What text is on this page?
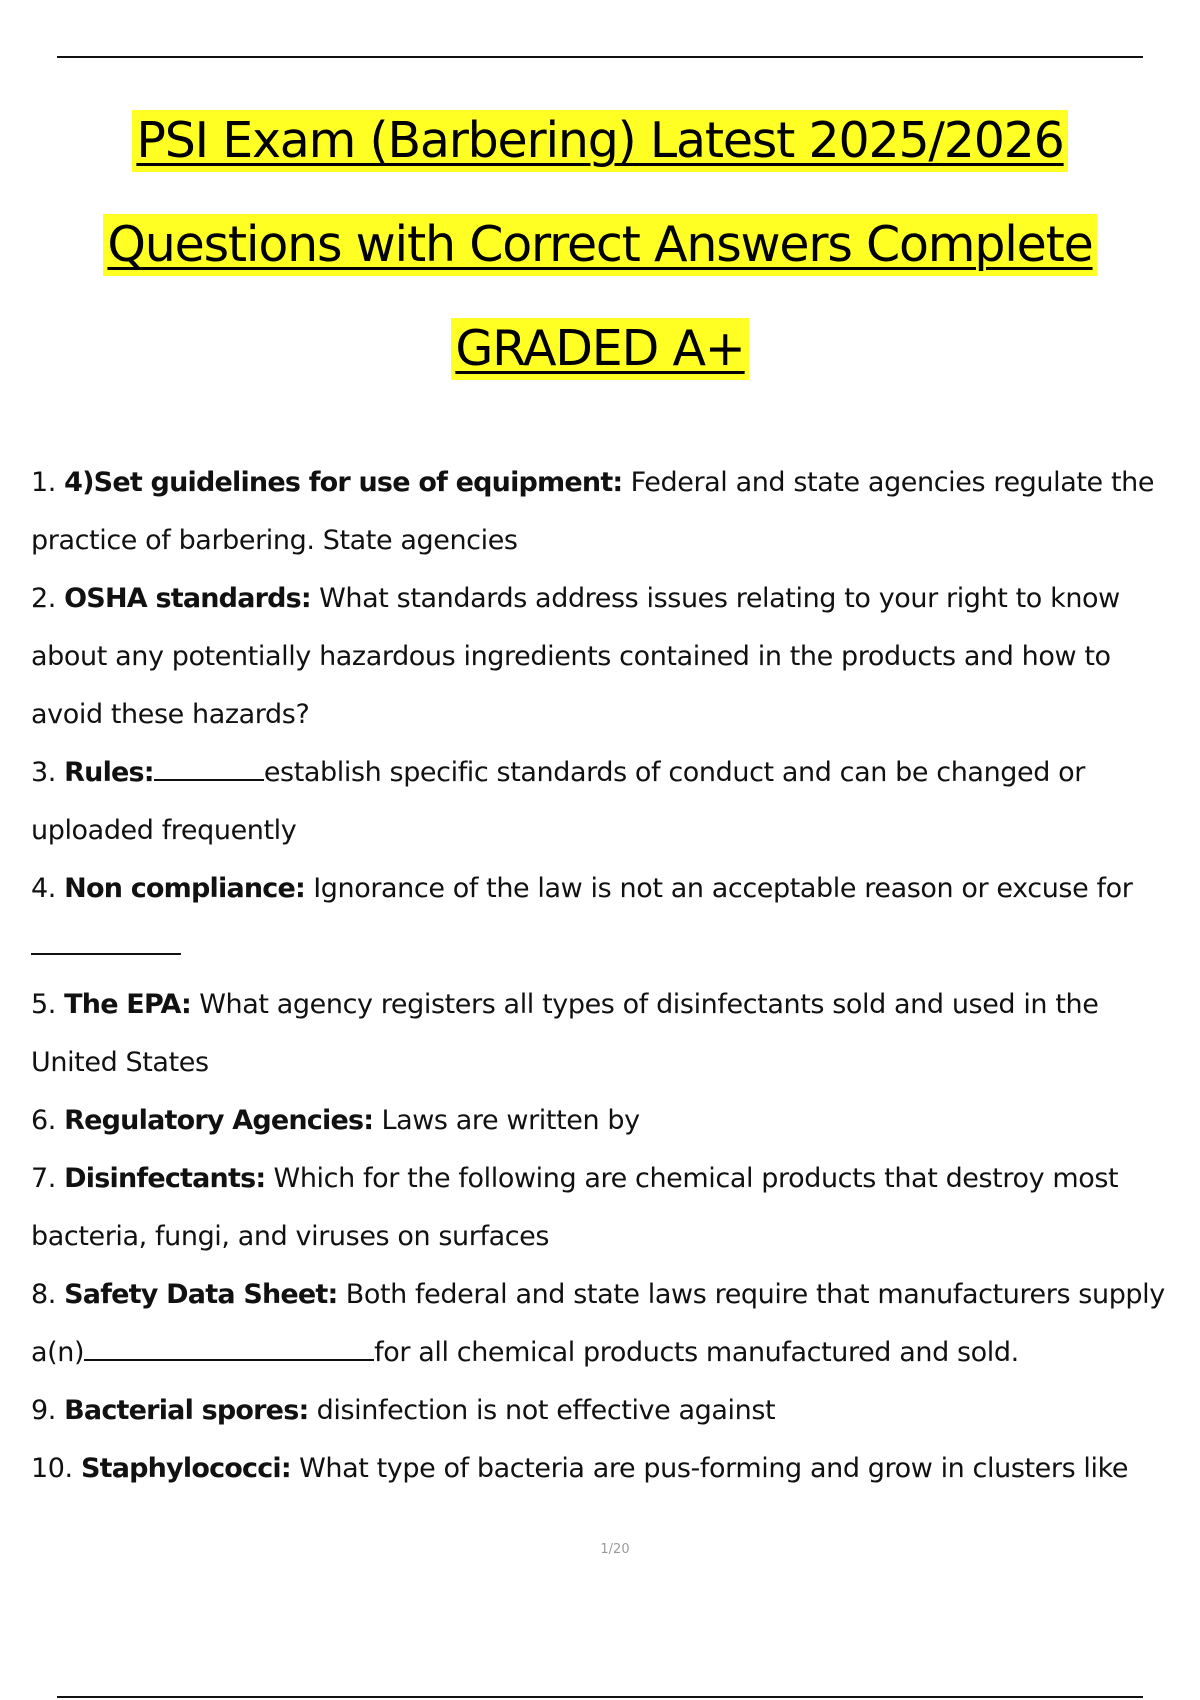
PSI Exam (Barbering) Latest 2025/2026
Questions with Correct Answers Complete
GRADED A+
1. 4)Set guidelines for use of equipment: Federal and state agencies regulate the practice of barbering. State agencies
2. OSHA standards: What standards address issues relating to your right to know about any potentially hazardous ingredients contained in the products and how to avoid these hazards?
3. Rules:	establish specific standards of conduct and can be changed or uploaded frequently
4. Non compliance: Ignorance of the law is not an acceptable reason or excuse for
5. The EPA: What agency registers all types of disinfectants sold and used in the United States
6. Regulatory Agencies: Laws are written by
7. Disinfectants: Which for the following are chemical products that destroy most bacteria, fungi, and viruses on surfaces
8. Safety Data Sheet: Both federal and state laws require that manufacturers supply a(n)	for all chemical products manufactured and sold.
9. Bacterial spores: disinfection is not effective against
10. Staphylococci: What type of bacteria are pus-forming and grow in clusters like
1/20
